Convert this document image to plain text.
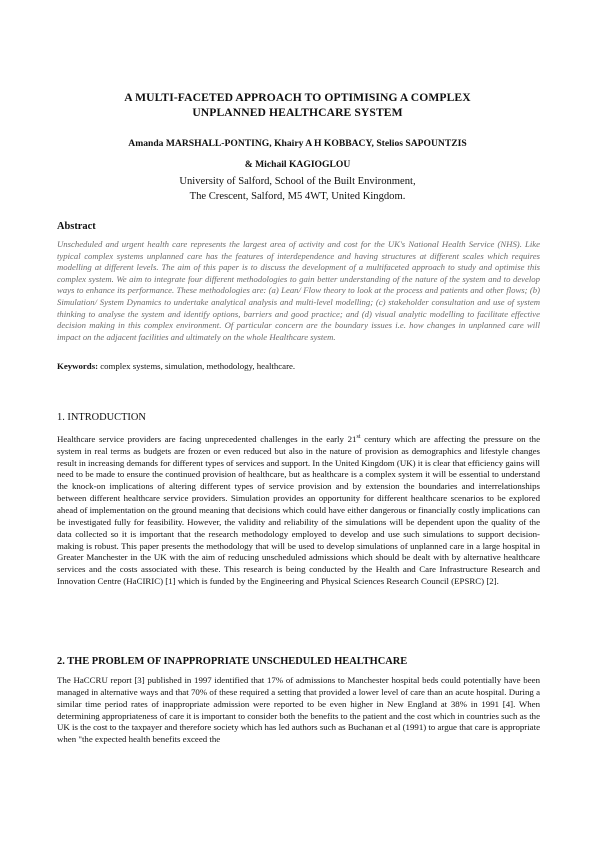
A MULTI-FACETED APPROACH TO OPTIMISING A COMPLEX
UNPLANNED HEALTHCARE SYSTEM
Amanda MARSHALL-PONTING, Khairy A H KOBBACY, Stelios SAPOUNTZIS
& Michail KAGIOGLOU
University of Salford, School of the Built Environment,
The Crescent, Salford, M5 4WT, United Kingdom.
Abstract
Unscheduled and urgent health care represents the largest area of activity and cost for the UK's National Health Service (NHS). Like typical complex systems unplanned care has the features of interdependence and having structures at different scales which requires modelling at different levels. The aim of this paper is to discuss the development of a multifaceted approach to study and optimise this complex system. We aim to integrate four different methodologies to gain better understanding of the nature of the system and to develop ways to enhance its performance. These methodologies are: (a) Lean/ Flow theory to look at the process and patients and other flows; (b) Simulation/ System Dynamics to undertake analytical analysis and multi-level modelling; (c) stakeholder consultation and use of system thinking to analyse the system and identify options, barriers and good practice; and (d) visual analytic modelling to facilitate effective decision making in this complex environment. Of particular concern are the boundary issues i.e. how changes in unplanned care will impact on the adjacent facilities and ultimately on the whole Healthcare system.
Keywords: complex systems, simulation, methodology, healthcare.
1. INTRODUCTION
Healthcare service providers are facing unprecedented challenges in the early 21st century which are affecting the pressure on the system in real terms as budgets are frozen or even reduced but also in the nature of provision as demographics and lifestyle changes result in increasing demands for different types of services and support. In the United Kingdom (UK) it is clear that efficiency gains will need to be made to ensure the continued provision of healthcare, but as healthcare is a complex system it will be essential to understand the knock-on implications of altering different types of service provision and by extension the boundaries and interrelationships between different healthcare service providers. Simulation provides an opportunity for different healthcare scenarios to be explored ahead of implementation on the ground meaning that decisions which could have either dangerous or financially costly implications can be investigated fully for feasibility. However, the validity and reliability of the simulations will be dependent upon the quality of the data collected so it is important that the research methodology employed to develop and use such simulations to support decision-making is robust. This paper presents the methodology that will be used to develop simulations of unplanned care in a large hospital in Greater Manchester in the UK with the aim of reducing unscheduled admissions which should be dealt with by alternative healthcare services and the costs associated with these. This research is being conducted by the Health and Care Infrastructure Research and Innovation Centre (HaCIRIC) [1] which is funded by the Engineering and Physical Sciences Research Council (EPSRC) [2].
2. THE PROBLEM OF INAPPROPRIATE UNSCHEDULED HEALTHCARE
The HaCCRU report [3] published in 1997 identified that 17% of admissions to Manchester hospital beds could potentially have been managed in alternative ways and that 70% of these required a setting that provided a lower level of care than an acute hospital. During a similar time period rates of inappropriate admission were reported to be even higher in New England at 38% in 1991 [4]. When determining appropriateness of care it is important to consider both the benefits to the patient and the cost which in countries such as the UK is the cost to the taxpayer and therefore society which has led authors such as Buchanan et al (1991) to argue that care is appropriate when "the expected health benefits exceed the
